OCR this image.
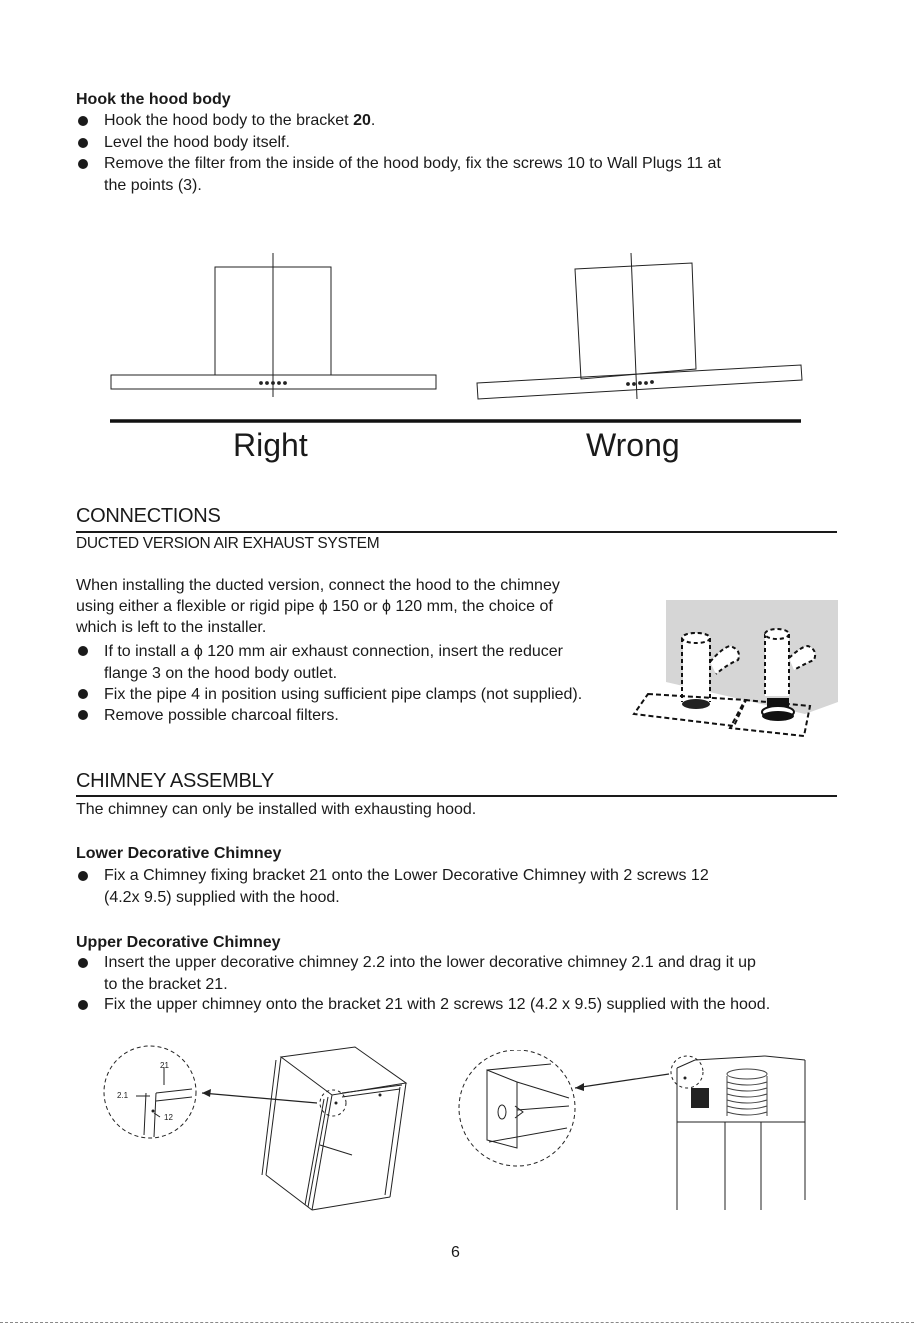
Hook the hood body
Hook the hood body to the bracket 20.
Level the hood body itself.
Remove the filter from the inside of the hood body, fix the screws 10 to Wall Plugs 11 at
the points (3).
Right	Wrong
CONNECTIONS
DUCTED VERSION AIR EXHAUST SYSTEM
When installing the ducted version, connect the hood to the chimney
using either a flexible or rigid pipe ϕ 150 or ϕ 120 mm, the choice of
which is left to the installer.
If to install a ϕ 120 mm air exhaust connection, insert the reducer
flange 3 on the hood body outlet.
Fix the pipe 4 in position using sufficient pipe clamps (not supplied).
Remove possible charcoal filters.
CHIMNEY ASSEMBLY
The chimney can only be installed with exhausting hood.
Lower Decorative Chimney
Fix a Chimney fixing bracket 21 onto the Lower Decorative Chimney with 2 screws 12
(4.2x 9.5) supplied with the hood.
Upper Decorative Chimney
Insert the upper decorative chimney 2.2 into the lower decorative chimney 2.1 and drag it up
to the bracket 21.
Fix the upper chimney onto the bracket 21 with 2 screws 12 (4.2 x 9.5) supplied with the hood.
21
2.1
12
6
